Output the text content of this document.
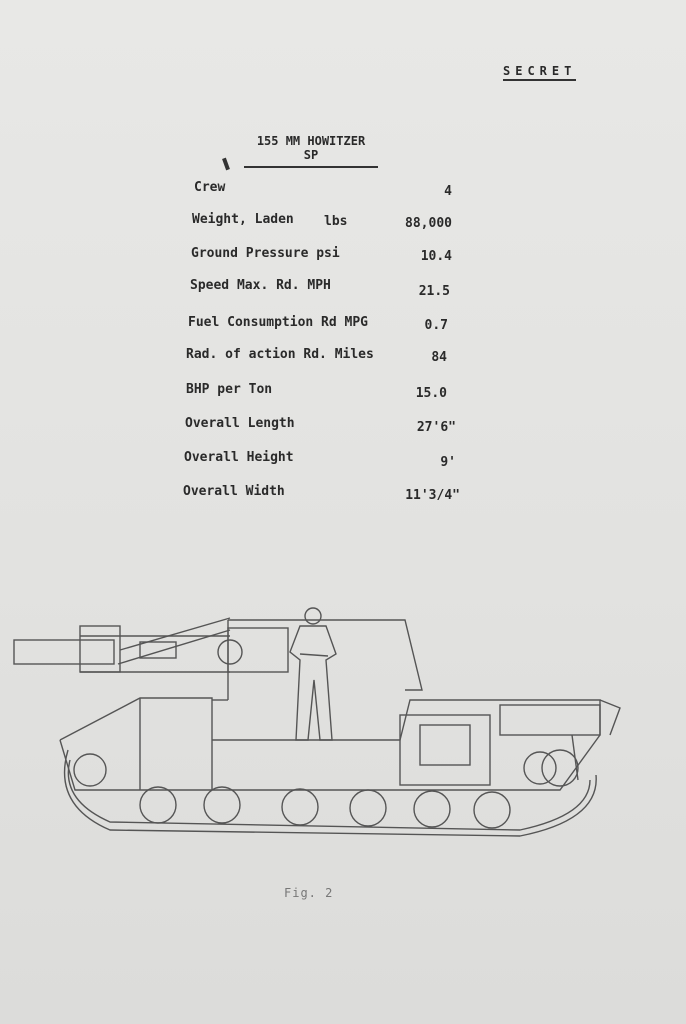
SECRET
155 MM HOWITZER
SP
Crew	4
Weight, Laden lbs	88,000
Ground Pressure psi	10.4
Speed Max. Rd. MPH	21.5
Fuel Consumption Rd MPG	0.7
Rad. of action Rd. Miles	84
BHP per Ton	15.0
Overall Length	27'6"
Overall Height	9'
Overall Width	11'3/4"
Fig. 2
